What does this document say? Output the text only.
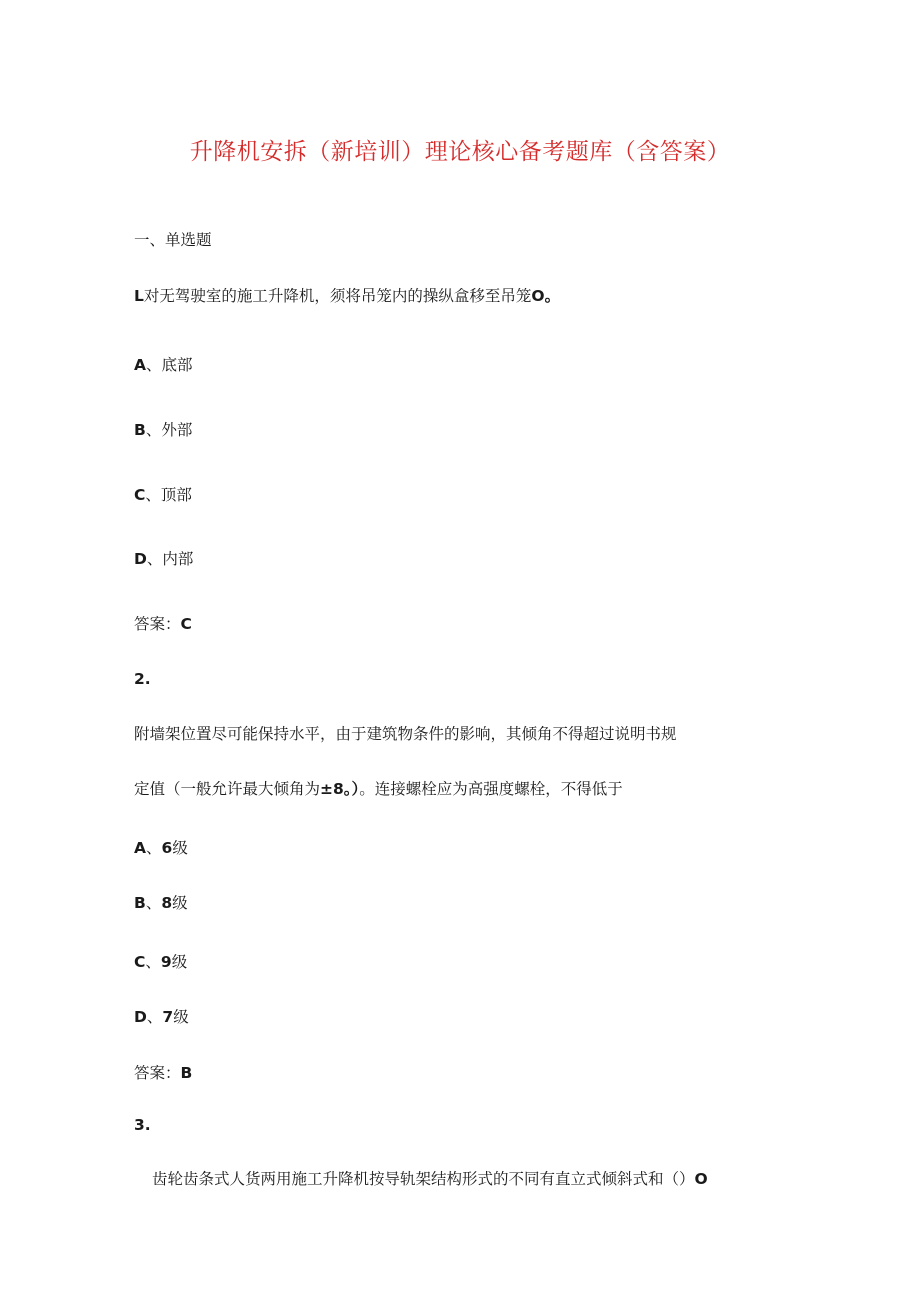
升降机安拆（新培训）理论核心备考题库（含答案）
一、单选题
L对无驾驶室的施工升降机，须将吊笼内的操纵盒移至吊笼O。
A、底部
B、外部
C、顶部
D、内部
答案：C
2.
附墙架位置尽可能保持水平，由于建筑物条件的影响，其倾角不得超过说明书规
定值（一般允许最大倾角为±8。）。连接螺栓应为高强度螺栓，不得低于
A、6级
B、8级
C、9级
D、7级
答案：B
3.
齿轮齿条式人货两用施工升降机按导轨架结构形式的不同有直立式倾斜式和（）O
